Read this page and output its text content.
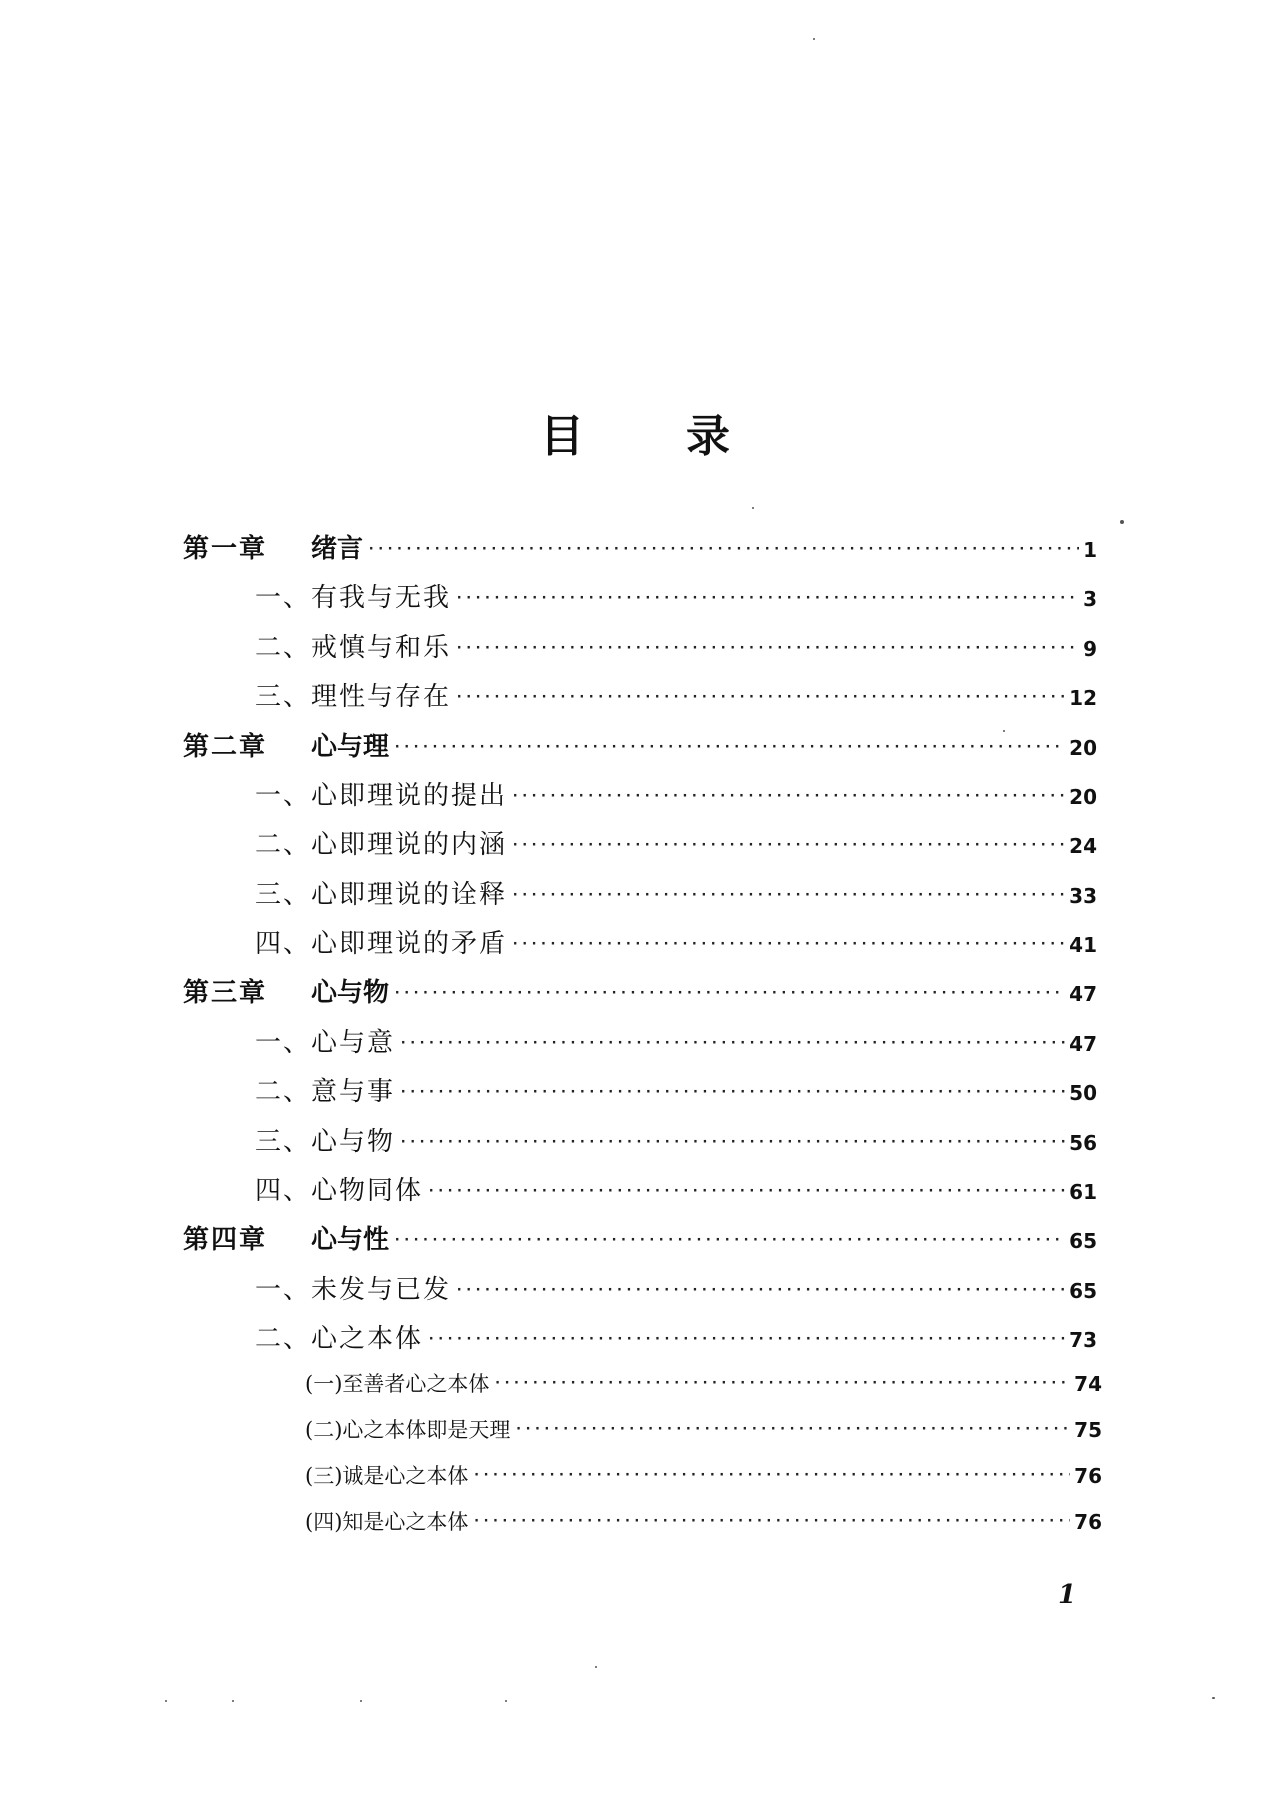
目 录
第一章 绪言 ·····	1
一、有我与无我 ·····	3
二、戒慎与和乐 ·····	9
三、理性与存在 ·····	12
第二章 心与理 ·····	20
一、心即理说的提出 ·····	20
二、心即理说的内涵 ·····	24
三、心即理说的诠释 ·····	33
四、心即理说的矛盾 ·····	41
第三章 心与物 ·····	47
一、心与意 ·····	47
二、意与事 ·····	50
三、心与物 ·····	56
四、心物同体 ·····	61
第四章 心与性 ·····	65
一、未发与已发 ·····	65
二、心之本体 ·····	73
(一)至善者心之本体 ·····	74
(二)心之本体即是天理 ·····	75
(三)诚是心之本体 ·····	76
(四)知是心之本体 ·····	76
1
